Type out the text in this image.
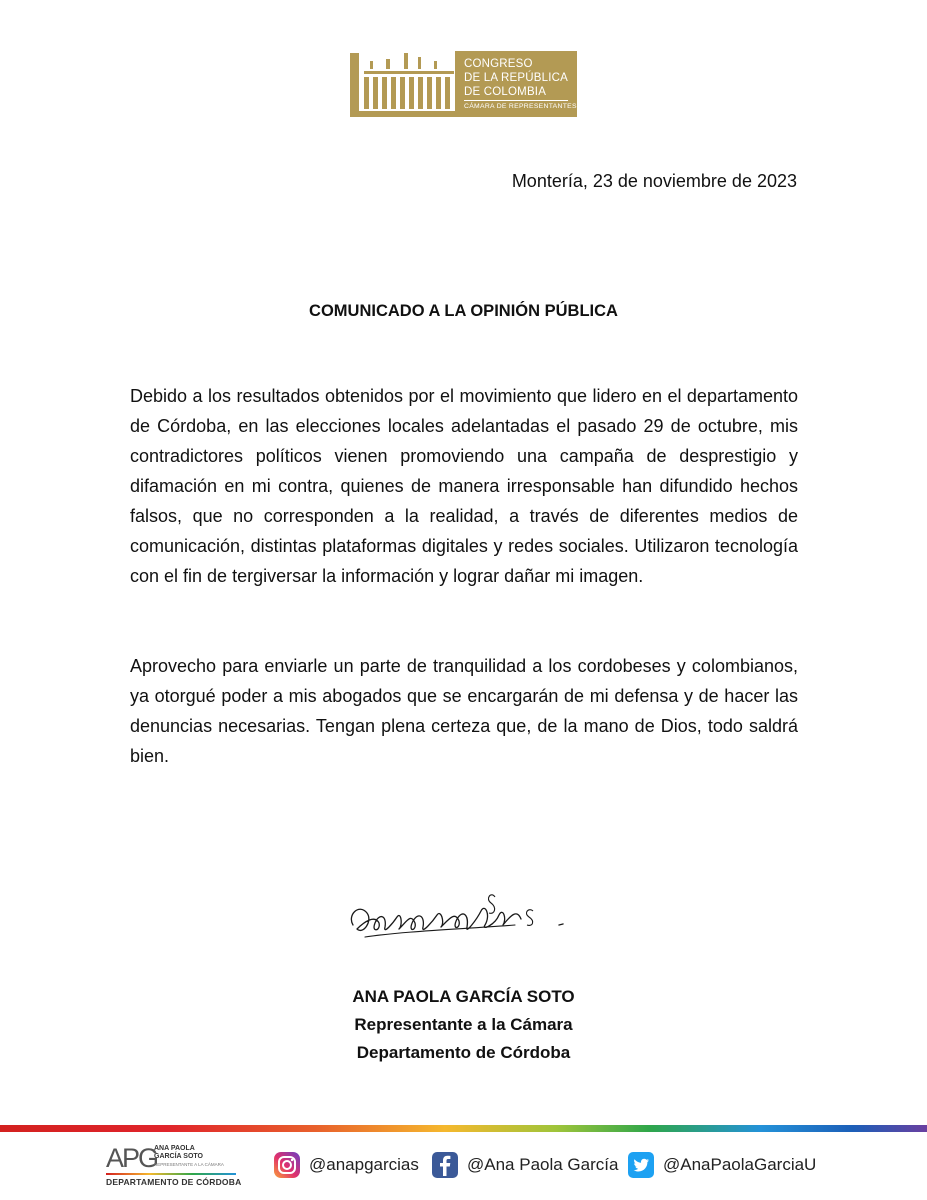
CONGRESO
DE LA REPÚBLICA
DE COLOMBIA
CÁMARA DE REPRESENTANTES
Montería, 23 de noviembre de 2023
COMUNICADO A LA OPINIÓN PÚBLICA

Debido a los resultados obtenidos por el movimiento que lidero en el departamento de Córdoba, en las elecciones locales adelantadas el pasado 29 de octubre, mis contradictores políticos vienen promoviendo una campaña de desprestigio y difamación en mi contra, quienes de manera irresponsable han difundido hechos falsos, que no corresponden a la realidad, a través de diferentes medios de comunicación, distintas plataformas digitales y redes sociales. Utilizaron tecnología con el fin de tergiversar la información y lograr dañar mi imagen.

Aprovecho para enviarle un parte de tranquilidad a los cordobeses y colombianos, ya otorgué poder a mis abogados que se encargarán de mi defensa y de hacer las denuncias necesarias. Tengan plena certeza que, de la mano de Dios, todo saldrá bien.

ANA PAOLA GARCÍA SOTO
Representante a la Cámara
Departamento de Córdoba
APG
ANA PAOLA
GARCÍA SOTO
REPRESENTANTE A LA CÁMARA
DEPARTAMENTO DE CÓRDOBA
@anapgarcias	@Ana Paola García	@AnaPaolaGarciaU
